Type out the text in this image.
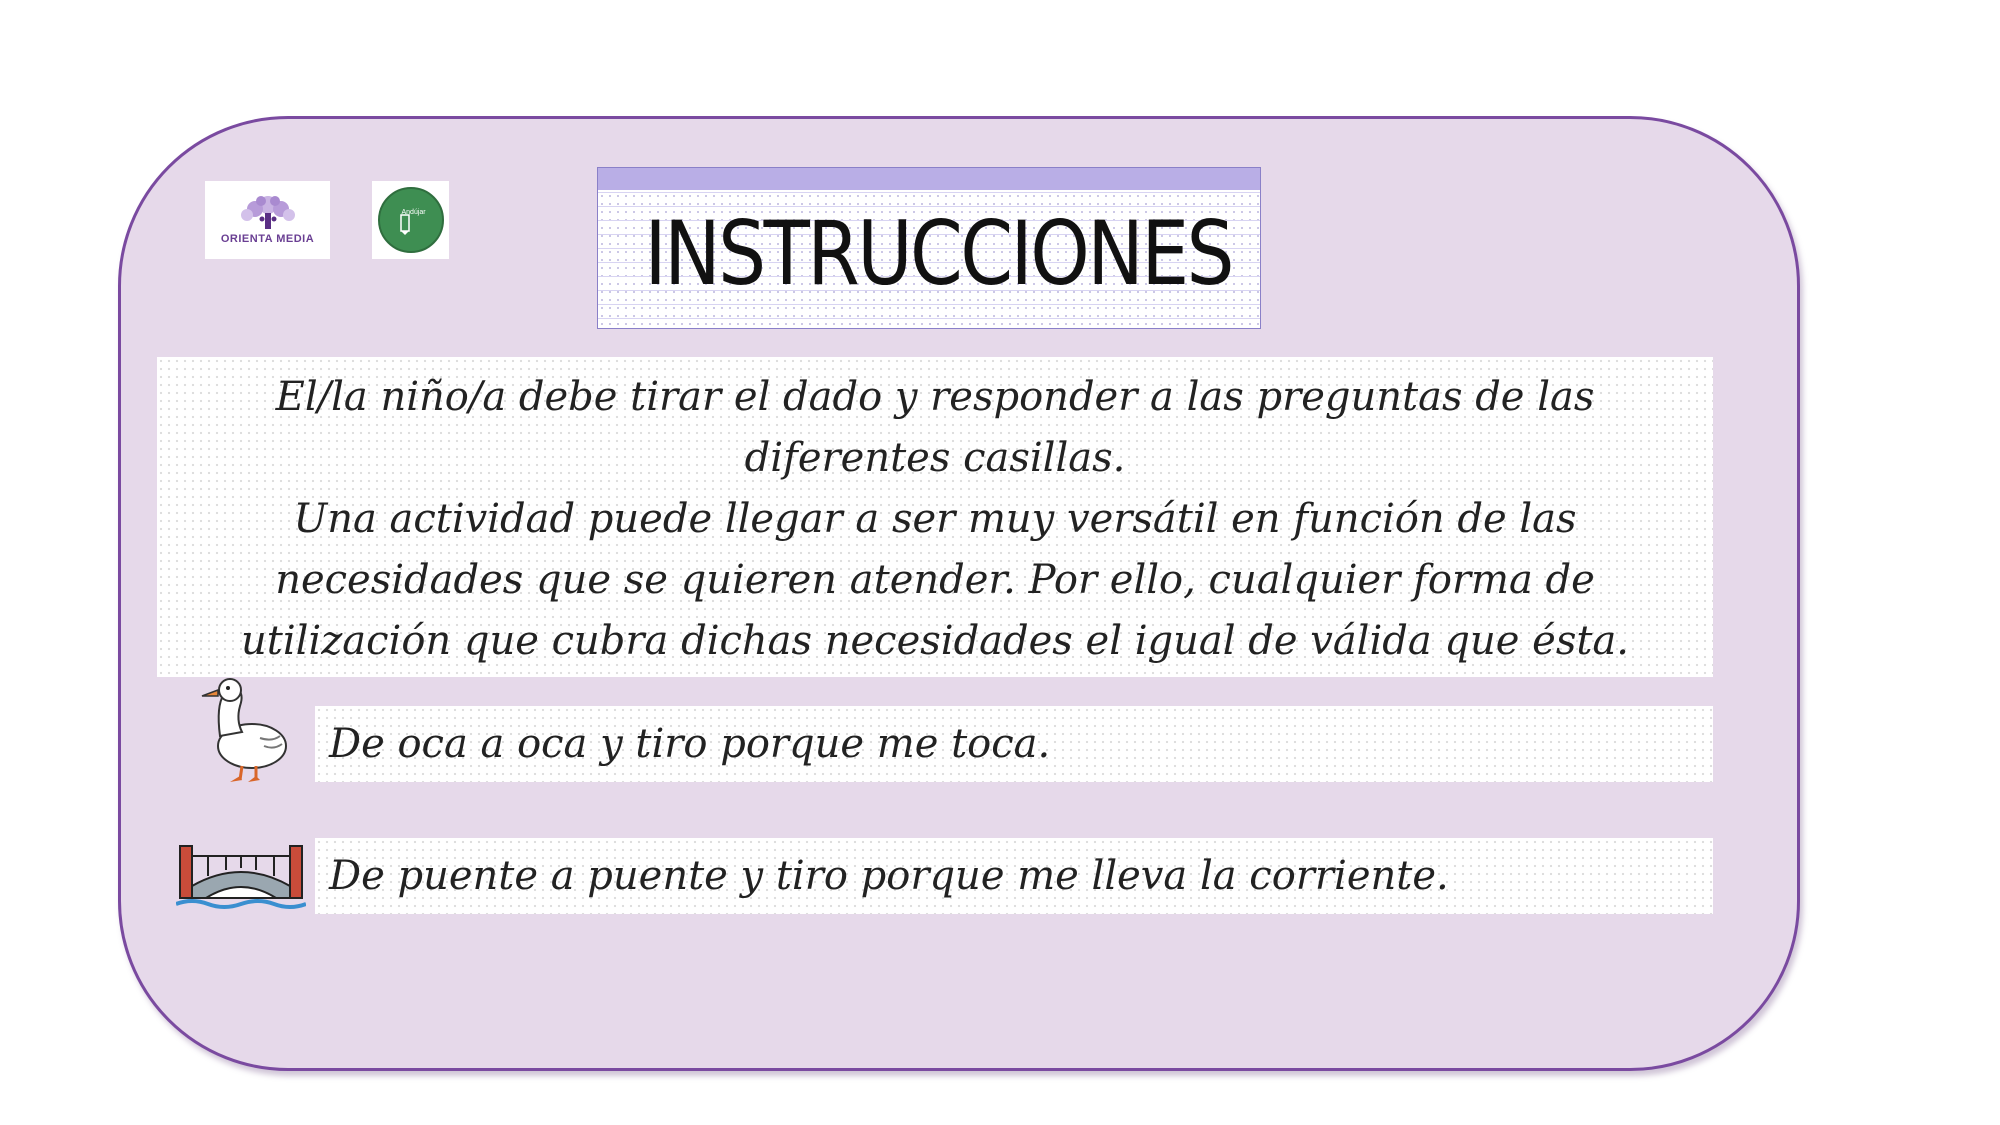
ORIENTA MEDIA
Andújar INSTRUCCIONES

El/la niño/a debe tirar el dado y responder a las preguntas de las diferentes casillas.

Una actividad puede llegar a ser muy versátil en función de las necesidades que se quieren atender. Por ello, cualquier forma de utilización que cubra dichas necesidades el igual de válida que ésta.

De oca a oca y tiro porque me toca.
De puente a puente y tiro porque me lleva la corriente.
